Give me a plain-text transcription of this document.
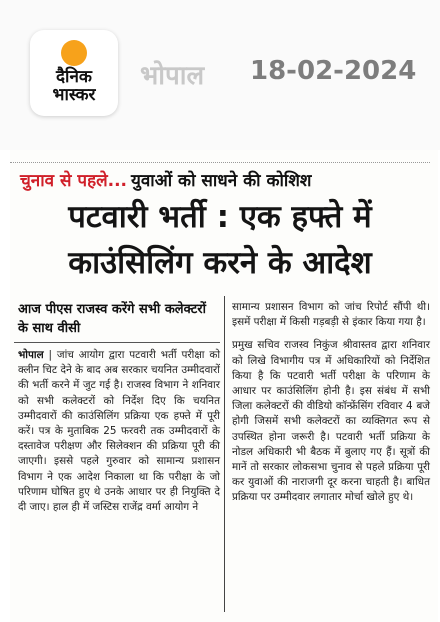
दैनिक
भास्कर
भोपाल 18-02-2024
चुनाव से पहले... युवाओं को साधने की कोशिश
पटवारी भर्ती : एक हफ्ते में
काउंसिलिंग करने के आदेश
आज पीएस राजस्व करेंगे सभी कलेक्टरों के साथ वीसी
भोपाल | जांच आयोग द्वारा पटवारी भर्ती परीक्षा को क्लीन चिट देने के बाद अब सरकार चयनित उम्मीदवारों की भर्ती करने में जुट गई है। राजस्व विभाग ने शनिवार को सभी कलेक्टरों को निर्देश दिए कि चयनित उम्मीदवारों की काउंसिलिंग प्रक्रिया एक हफ्ते में पूरी करें। पत्र के मुताबिक 25 फरवरी तक उम्मीदवारों के दस्तावेज परीक्षण और सिलेक्शन की प्रक्रिया पूरी की जाएगी। इससे पहले गुरुवार को सामान्य प्रशासन विभाग ने एक आदेश निकाला था कि परीक्षा के जो परिणाम घोषित हुए थे उनके आधार पर ही नियुक्ति दे दी जाए। हाल ही में जस्टिस राजेंद्र वर्मा आयोग ने

सामान्य प्रशासन विभाग को जांच रिपोर्ट सौंपी थी। इसमें परीक्षा में किसी गड़बड़ी से इंकार किया गया है।

प्रमुख सचिव राजस्व निकुंज श्रीवास्तव द्वारा शनिवार को लिखे विभागीय पत्र में अधिकारियों को निर्देशित किया है कि पटवारी भर्ती परीक्षा के परिणाम के आधार पर काउंसिलिंग होनी है। इस संबंध में सभी जिला कलेक्टरों की वीडियो कॉन्फ्रेंसिंग रविवार 4 बजे होगी जिसमें सभी कलेक्टरों का व्यक्तिगत रूप से उपस्थित होना जरूरी है। पटवारी भर्ती प्रक्रिया के नोडल अधिकारी भी बैठक में बुलाए गए हैं। सूत्रों की मानें तो सरकार लोकसभा चुनाव से पहले प्रक्रिया पूरी कर युवाओं की नाराजगी दूर करना चाहती है। बाधित प्रक्रिया पर उम्मीदवार लगातार मोर्चा खोले हुए थे।
